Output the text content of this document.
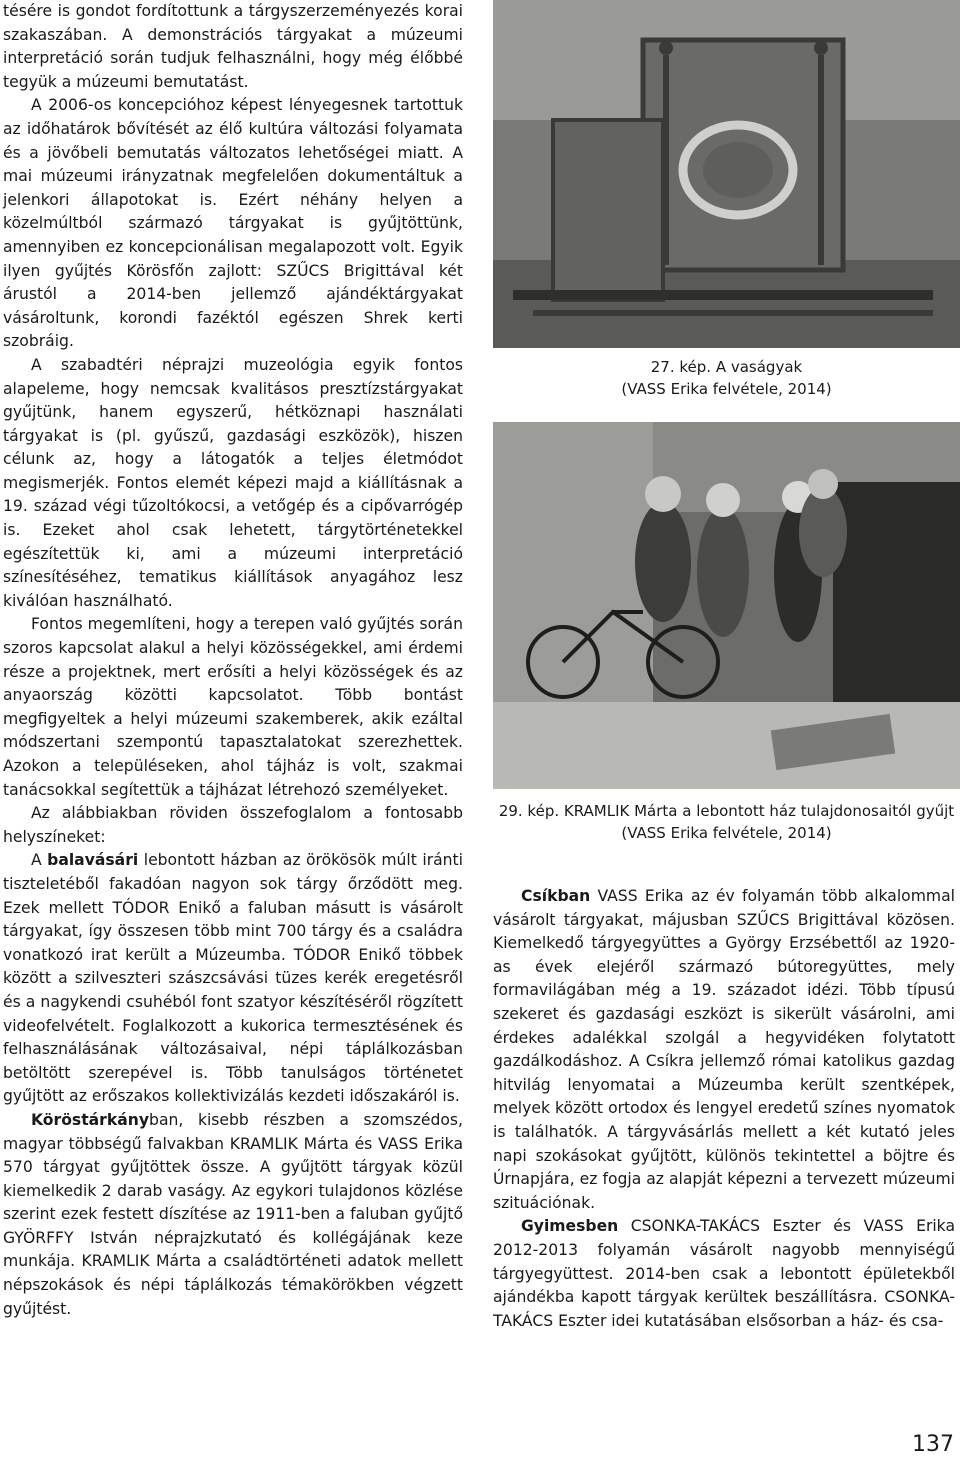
tésére is gondot fordítottunk a tárgyszerzeményezés korai szakaszában. A demonstrációs tárgyakat a múzeumi interpretáció során tudjuk felhasználni, hogy még élőbbé tegyük a múzeumi bemutatást.

A 2006-os koncepcióhoz képest lényegesnek tartottuk az időhatárok bővítését az élő kultúra változási folyamata és a jövőbeli bemutatás változatos lehetőségei miatt. A mai múzeumi irányzatnak megfelelően dokumentáltuk a jelenkori állapotokat is. Ezért néhány helyen a közelmúltból származó tárgyakat is gyűjtöttünk, amennyiben ez koncepcionálisan megalapozott volt. Egyik ilyen gyűjtés Körösfőn zajlott: SZŰCS Brigittával két árustól a 2014-ben jellemző ajándéktárgyakat vásároltunk, korondi fazéktól egészen Shrek kerti szobráig.

A szabadtéri néprajzi muzeológia egyik fontos alapeleme, hogy nemcsak kvalitásos presztízstárgyakat gyűjtünk, hanem egyszerű, hétköznapi használati tárgyakat is (pl. gyűszű, gazdasági eszközök), hiszen célunk az, hogy a látogatók a teljes életmódot megismerjék. Fontos elemét képezi majd a kiállításnak a 19. század végi tűzoltókocsi, a vetőgép és a cipővarrógép is. Ezeket ahol csak lehetett, tárgytörténetekkel egészítettük ki, ami a múzeumi interpretáció színesítéséhez, tematikus kiállítások anyagához lesz kiválóan használható.

Fontos megemlíteni, hogy a terepen való gyűjtés során szoros kapcsolat alakul a helyi közösségekkel, ami érdemi része a projektnek, mert erősíti a helyi közösségek és az anyaország közötti kapcsolatot. Több bontást megfigyeltek a helyi múzeumi szakemberek, akik ezáltal módszertani szempontú tapasztalatokat szerezhettek. Azokon a településeken, ahol tájház is volt, szakmai tanácsokkal segítettük a tájházat létrehozó személyeket.

Az alábbiakban röviden összefoglalom a fontosabb helyszíneket:

A balavásári lebontott házban az örökösök múlt iránti tiszteletéből fakadóan nagyon sok tárgy őrződött meg. Ezek mellett TÓDOR Enikő a faluban másutt is vásárolt tárgyakat, így összesen több mint 700 tárgy és a családra vonatkozó irat került a Múzeumba. TÓDOR Enikő többek között a szilveszteri szászcsávási tüzes kerék eregetésről és a nagykendi csuhéból font szatyor készítéséről rögzített videofelvételt. Foglalkozott a kukorica termesztésének és felhasználásának változásaival, népi táplálkozásban betöltött szerepével is. Több tanulságos történetet gyűjtött az erőszakos kollektivizálás kezdeti időszakáról is.

Köröstárkányban, kisebb részben a szomszédos, magyar többségű falvakban KRAMLIK Márta és VASS Erika 570 tárgyat gyűjtöttek össze. A gyűjtött tárgyak közül kiemelkedik 2 darab vaságy. Az egykori tulajdonos közlése szerint ezek festett díszítése az 1911-ben a faluban gyűjtő GYÖRFFY István néprajzkutató és kollégájának keze munkája. KRAMLIK Márta a családtörténeti adatok mellett népszokások és népi táplálkozás témakörökben végzett gyűjtést.

27. kép. A vaságyak
(VASS Erika felvétele, 2014)
29. kép. KRAMLIK Márta a lebontott ház tulajdonosaitól gyűjt
(VASS Erika felvétele, 2014)

Csíkban VASS Erika az év folyamán több alkalommal vásárolt tárgyakat, májusban SZŰCS Brigittával közösen. Kiemelkedő tárgyegyüttes a György Erzsébettől az 1920-as évek elejéről származó bútoregyüttes, mely formavilágában még a 19. századot idézi. Több típusú szekeret és gazdasági eszközt is sikerült vásárolni, ami érdekes adalékkal szolgál a hegyvidéken folytatott gazdálkodáshoz. A Csíkra jellemző római katolikus gazdag hitvilág lenyomatai a Múzeumba került szentképek, melyek között ortodox és lengyel eredetű színes nyomatok is találhatók. A tárgyvásárlás mellett a két kutató jeles napi szokásokat gyűjtött, különös tekintettel a böjtre és Úrnapjára, ez fogja az alapját képezni a tervezett múzeumi szituációnak.

Gyimesben CSONKA-TAKÁCS Eszter és VASS Erika 2012-2013 folyamán vásárolt nagyobb mennyiségű tárgyegyüttest. 2014-ben csak a lebontott épületekből ajándékba kapott tárgyak kerültek beszállításra. CSONKA-TAKÁCS Eszter idei kutatásában elsősorban a ház- és csa-

137
